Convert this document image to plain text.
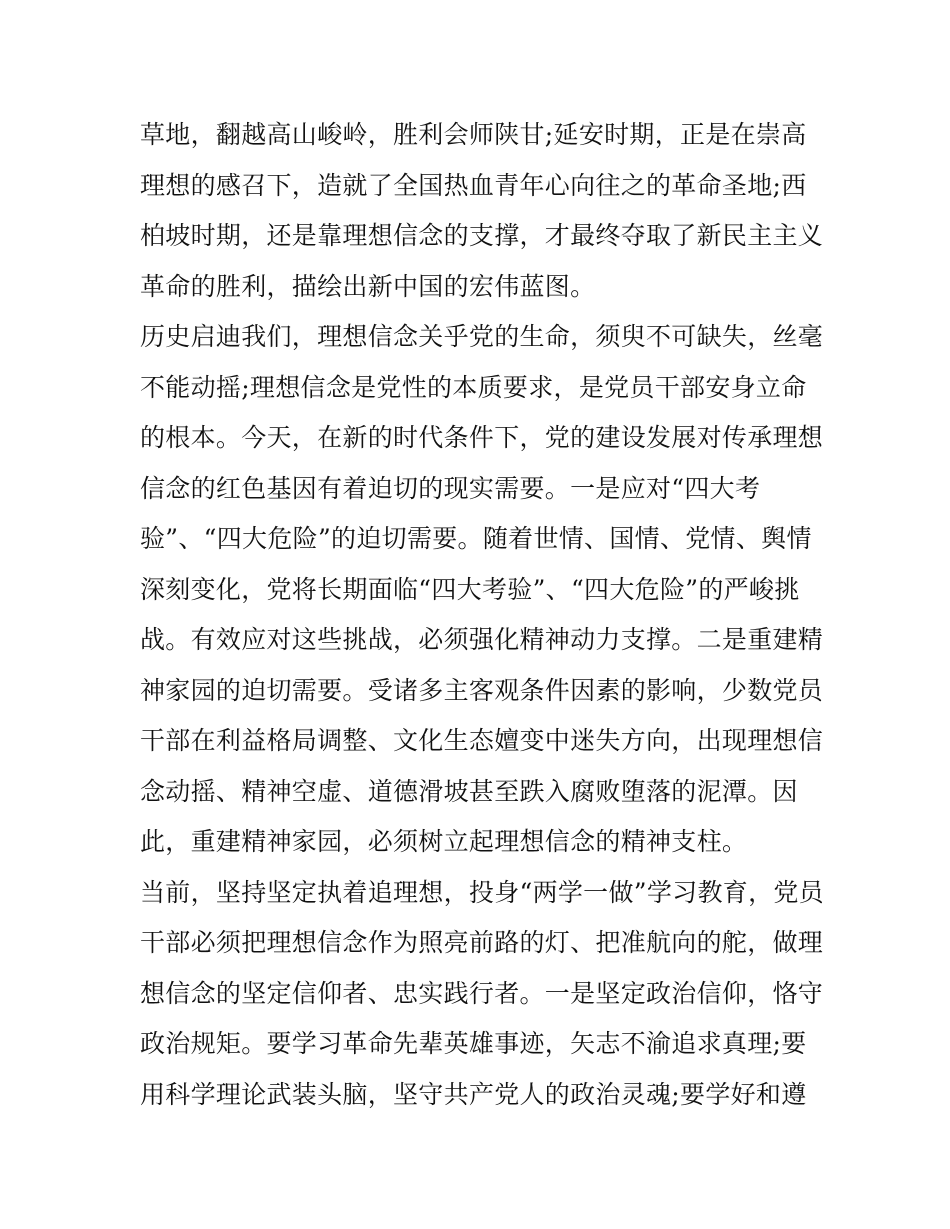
草地，翻越高山峻岭，胜利会师陕甘;延安时期，正是在崇高
理想的感召下，造就了全国热血青年心向往之的革命圣地;西
柏坡时期，还是靠理想信念的支撑，才最终夺取了新民主主义
革命的胜利，描绘出新中国的宏伟蓝图。
历史启迪我们，理想信念关乎党的生命，须臾不可缺失，丝毫
不能动摇;理想信念是党性的本质要求，是党员干部安身立命
的根本。今天，在新的时代条件下，党的建设发展对传承理想
信念的红色基因有着迫切的现实需要。一是应对“四大考
验”、“四大危险”的迫切需要。随着世情、国情、党情、舆情
深刻变化，党将长期面临“四大考验”、“四大危险”的严峻挑
战。有效应对这些挑战，必须强化精神动力支撑。二是重建精
神家园的迫切需要。受诸多主客观条件因素的影响，少数党员
干部在利益格局调整、文化生态嬗变中迷失方向，出现理想信
念动摇、精神空虚、道德滑坡甚至跌入腐败堕落的泥潭。因
此，重建精神家园，必须树立起理想信念的精神支柱。
当前，坚持坚定执着追理想，投身“两学一做”学习教育，党员
干部必须把理想信念作为照亮前路的灯、把准航向的舵，做理
想信念的坚定信仰者、忠实践行者。一是坚定政治信仰，恪守
政治规矩。要学习革命先辈英雄事迹，矢志不渝追求真理;要
用科学理论武装头脑，坚守共产党人的政治灵魂;要学好和遵
